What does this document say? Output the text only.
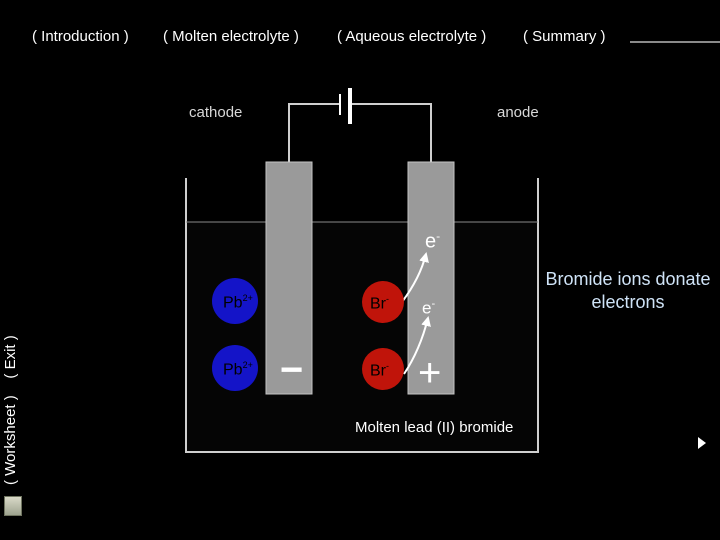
( Introduction ) ( Molten electrolyte )	( Aqueous electrolyte ) ( Summary )
( Worksheet )    ( Exit )
cathode	anode
−	+
e-
e-
$Pb^{2+}$
$Pb^{2+}$
Br-
Br-
Molten lead (II) bromide
Bromide ions donate electrons
